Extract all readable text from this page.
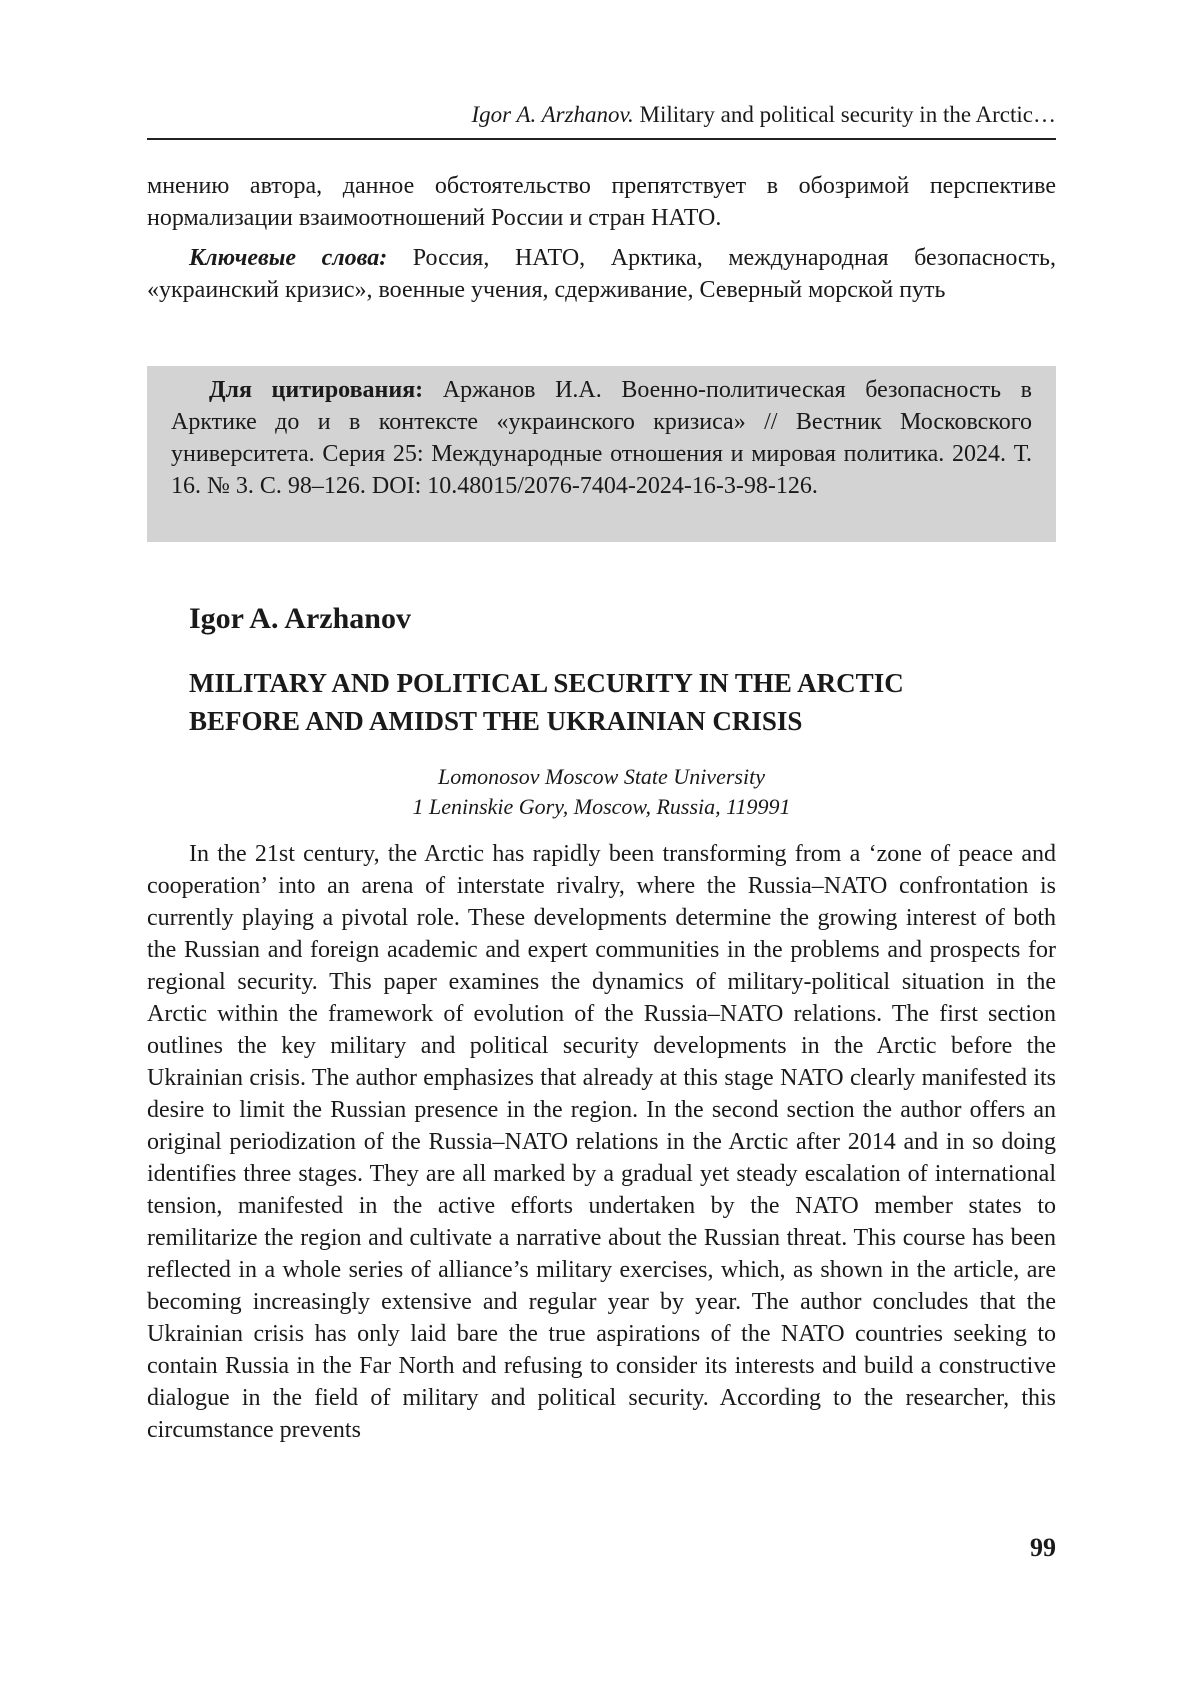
Igor A. Arzhanov. Military and political security in the Arctic…

мнению автора, данное обстоятельство препятствует в обозримой перспективе нормализации взаимоотношений России и стран НАТО.

Ключевые слова: Россия, НАТО, Арктика, международная безопасность, «украинский кризис», военные учения, сдерживание, Северный морской путь

Для цитирования: Аржанов И.А. Военно-политическая безопасность в Арктике до и в контексте «украинского кризиса» // Вестник Московского университета. Серия 25: Международные отношения и мировая политика. 2024. Т. 16. № 3. С. 98–126. DOI: 10.48015/2076-7404-2024-16-3-98-126.

Igor A. Arzhanov
MILITARY AND POLITICAL SECURITY IN THE ARCTIC
BEFORE AND AMIDST THE UKRAINIAN CRISIS
Lomonosov Moscow State University
1 Leninskie Gory, Moscow, Russia, 119991

In the 21st century, the Arctic has rapidly been transforming from a ‘zone of peace and cooperation’ into an arena of interstate rivalry, where the Russia–NATO confrontation is currently playing a pivotal role. These developments determine the growing interest of both the Russian and foreign academic and expert communities in the problems and prospects for regional security. This paper examines the dynamics of military-political situation in the Arctic within the framework of evolution of the Russia–NATO relations. The first section outlines the key military and political security developments in the Arctic before the Ukrainian crisis. The author emphasizes that already at this stage NATO clearly manifested its desire to limit the Russian presence in the region. In the second section the author offers an original periodization of the Russia–NATO relations in the Arctic after 2014 and in so doing identifies three stages. They are all marked by a gradual yet steady escalation of international tension, manifested in the active efforts undertaken by the NATO member states to remilitarize the region and cultivate a narrative about the Russian threat. This course has been reflected in a whole series of alliance’s military exercises, which, as shown in the article, are becoming increasingly extensive and regular year by year. The author concludes that the Ukrainian crisis has only laid bare the true aspirations of the NATO countries seeking to contain Russia in the Far North and refusing to consider its interests and build a constructive dialogue in the field of military and political security. According to the researcher, this circumstance prevents

99
